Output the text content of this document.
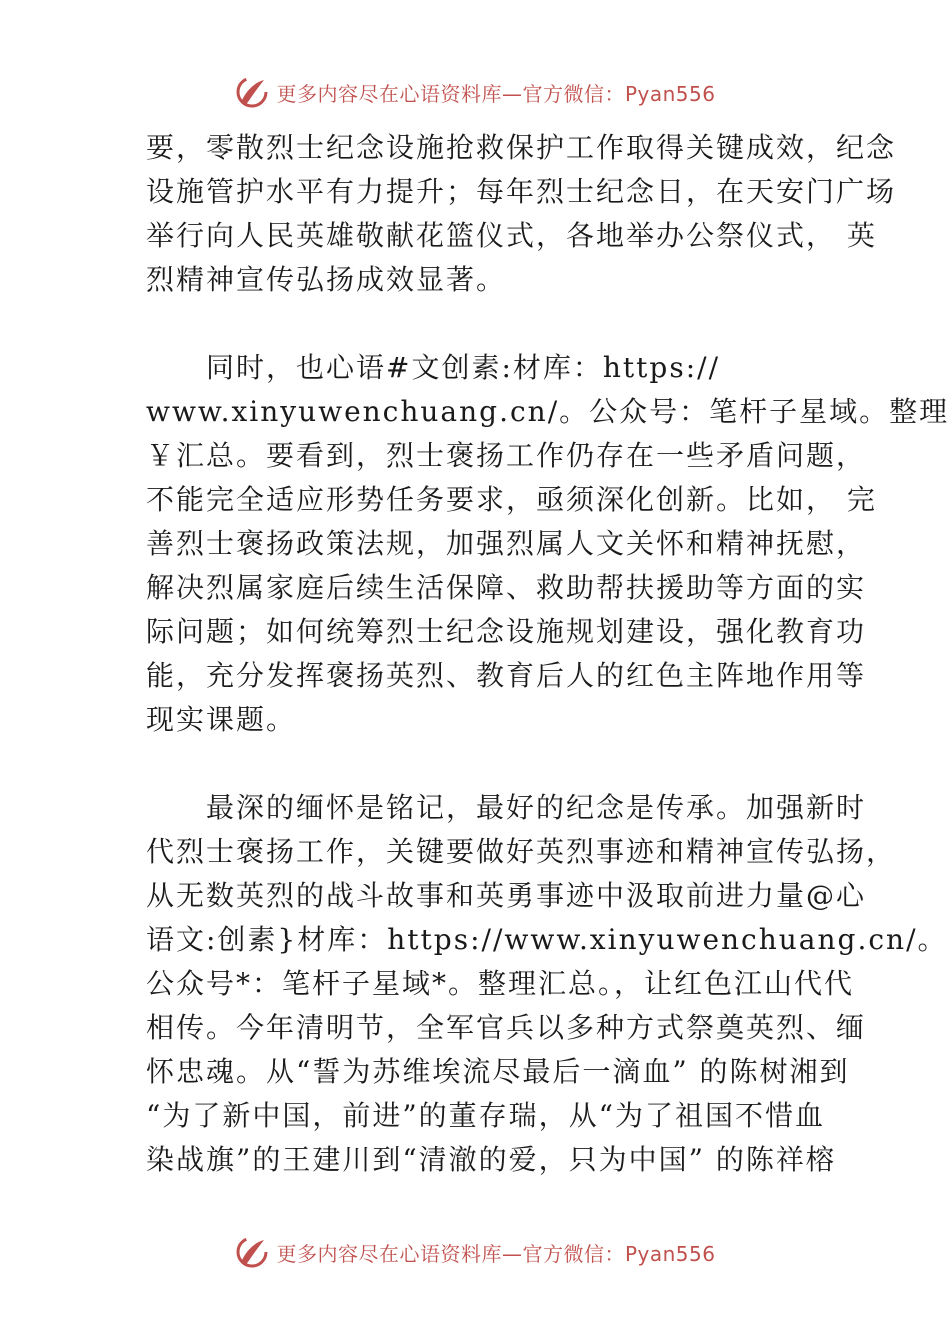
更多内容尽在心语资料库—官方微信：Pyan556
要，零散烈士纪念设施抢救保护工作取得关键成效，纪念
设施管护水平有力提升；每年烈士纪念日，在天安门广场
举行向人民英雄敬献花篮仪式，各地举办公祭仪式， 英
烈精神宣传弘扬成效显著。
　　同时，也心语#文创素:材库：https://
www.xinyuwenchuang.cn/。公众号：笔杆子星域。整理
￥汇总。要看到，烈士褒扬工作仍存在一些矛盾问题，
不能完全适应形势任务要求，亟须深化创新。比如， 完
善烈士褒扬政策法规，加强烈属人文关怀和精神抚慰，
解决烈属家庭后续生活保障、救助帮扶援助等方面的实
际问题；如何统筹烈士纪念设施规划建设，强化教育功
能，充分发挥褒扬英烈、教育后人的红色主阵地作用等
现实课题。
　　最深的缅怀是铭记，最好的纪念是传承。加强新时
代烈士褒扬工作，关键要做好英烈事迹和精神宣传弘扬，
从无数英烈的战斗故事和英勇事迹中汲取前进力量@心
语文:创素}材库：https://www.xinyuwenchuang.cn/。
公众号*：笔杆子星域*。整理汇总。，让红色江山代代
相传。今年清明节，全军官兵以多种方式祭奠英烈、缅
怀忠魂。从“誓为苏维埃流尽最后一滴血” 的陈树湘到
“为了新中国，前进”的董存瑞，从“为了祖国不惜血
染战旗”的王建川到“清澈的爱，只为中国” 的陈祥榕
更多内容尽在心语资料库—官方微信：Pyan556
